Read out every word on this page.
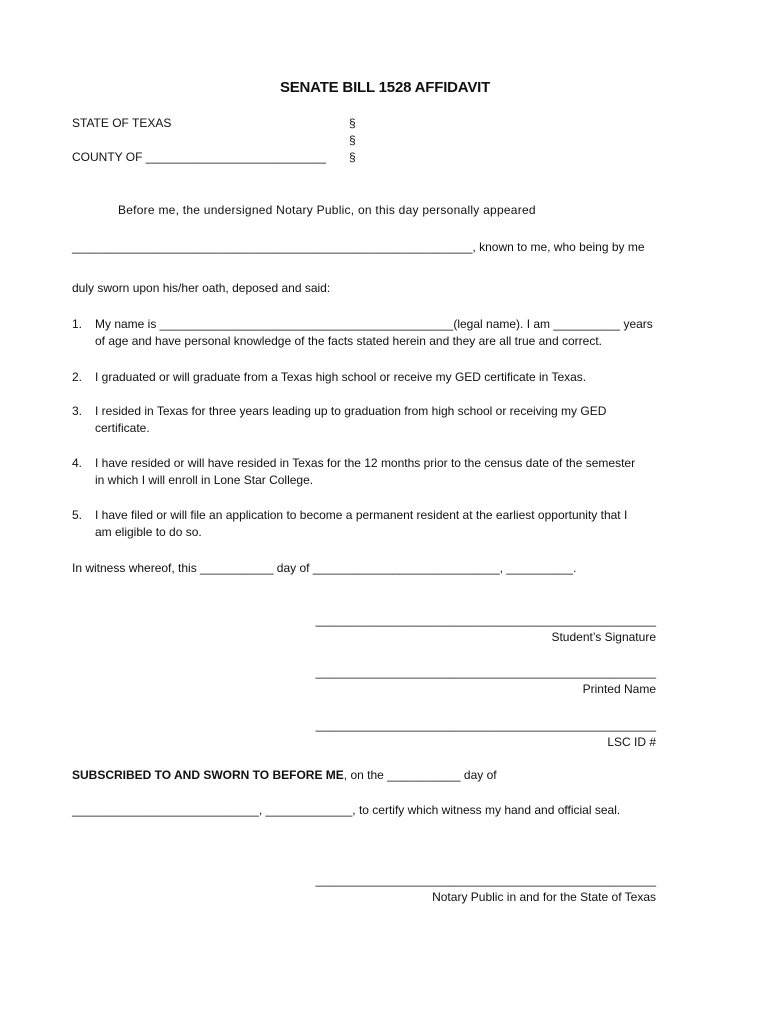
SENATE BILL 1528 AFFIDAVIT
STATE OF TEXAS
COUNTY OF ___________________________
§
§
§
Before me, the undersigned Notary Public, on this day personally appeared
____________________________________________________________, known to me, who being by me
duly sworn upon his/her oath, deposed and said:
1. My name is ____________________________________________(legal name). I am __________ years
of age and have personal knowledge of the facts stated herein and they are all true and correct.
2. I graduated or will graduate from a Texas high school or receive my GED certificate in Texas.
3. I resided in Texas for three years leading up to graduation from high school or receiving my GED
certificate.
4. I have resided or will have resided in Texas for the 12 months prior to the census date of the semester
in which I will enroll in Lone Star College.
5. I have filed or will file an application to become a permanent resident at the earliest opportunity that I
am eligible to do so.
In witness whereof, this ___________ day of ____________________________, __________.
___________________________________________________
Student’s Signature
___________________________________________________
Printed Name
___________________________________________________
LSC ID #
SUBSCRIBED TO AND SWORN TO BEFORE ME, on the ___________ day of
____________________________, _____________, to certify which witness my hand and official seal.
___________________________________________________
Notary Public in and for the State of Texas
